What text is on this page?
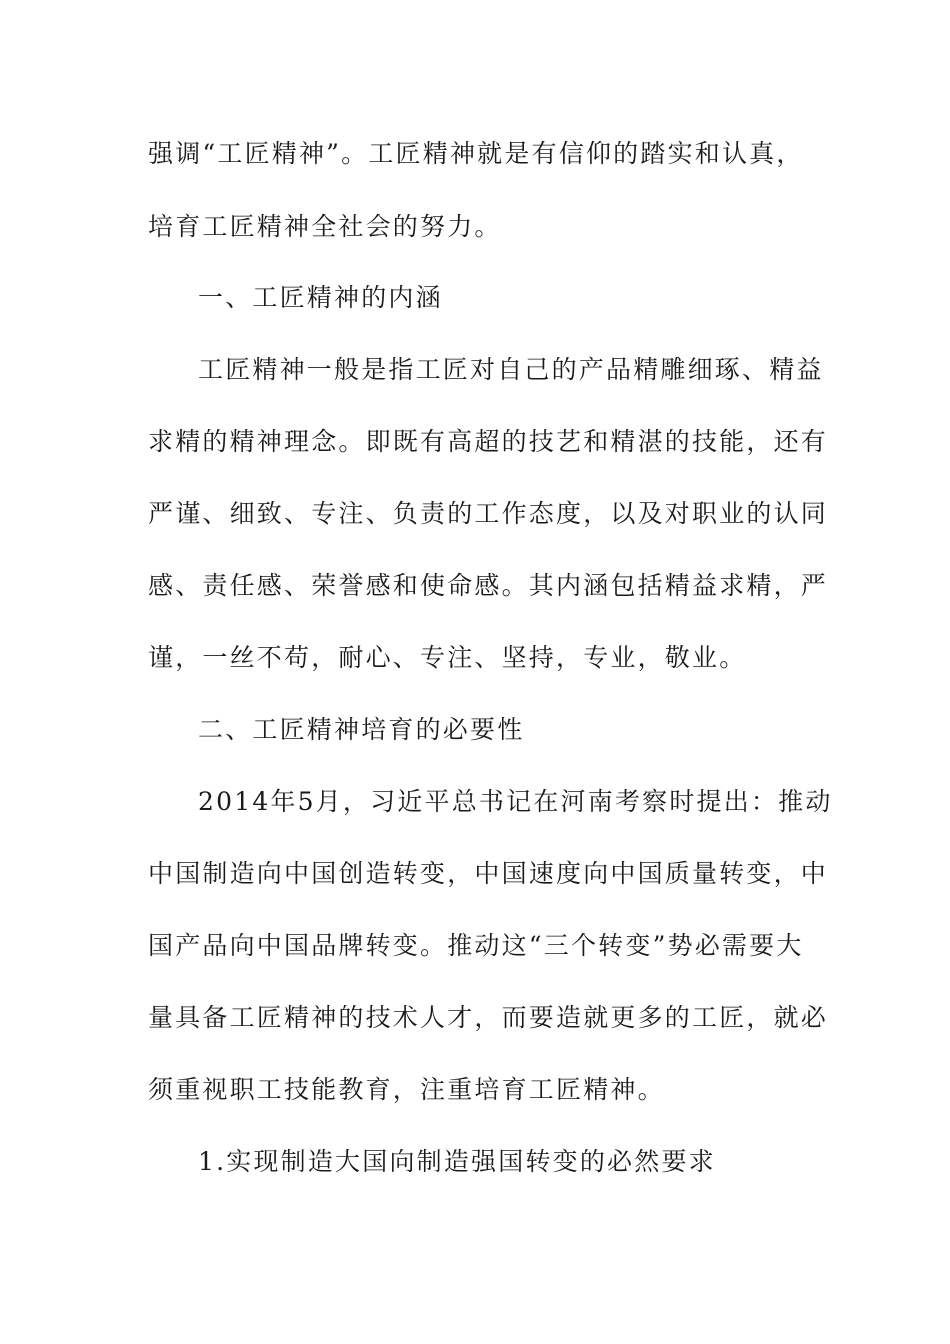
强调“工匠精神”。工匠精神就是有信仰的踏实和认真，
培育工匠精神全社会的努力。
一、工匠精神的内涵
工匠精神一般是指工匠对自己的产品精雕细琢、精益
求精的精神理念。即既有高超的技艺和精湛的技能，还有
严谨、细致、专注、负责的工作态度，以及对职业的认同
感、责任感、荣誉感和使命感。其内涵包括精益求精，严
谨，一丝不苟，耐心、专注、坚持，专业，敬业。
二、工匠精神培育的必要性
2014年5月，习近平总书记在河南考察时提出：推动
中国制造向中国创造转变，中国速度向中国质量转变，中
国产品向中国品牌转变。推动这“三个转变”势必需要大
量具备工匠精神的技术人才，而要造就更多的工匠，就必
须重视职工技能教育，注重培育工匠精神。
1.实现制造大国向制造强国转变的必然要求
